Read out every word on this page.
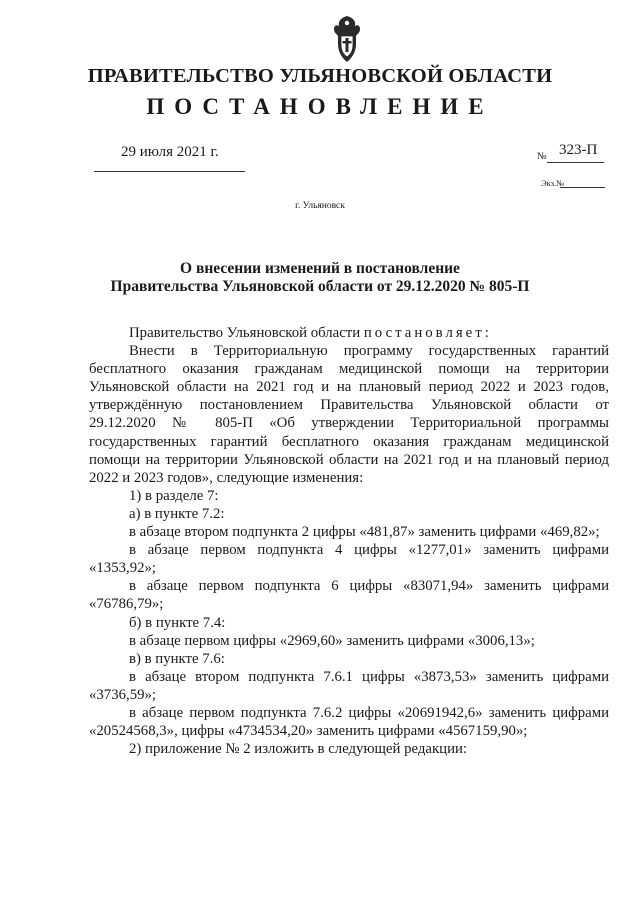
ПРАВИТЕЛЬСТВО УЛЬЯНОВСКОЙ ОБЛАСТИ
ПОСТАНОВЛЕНИЕ
29 июля 2021 г.	№ 323-П
Экз.№
г. Ульяновск
О внесении изменений в постановление
Правительства Ульяновской области от 29.12.2020 № 805-П

Правительство Ульяновской области постановляет:

Внести в Территориальную программу государственных гарантий бесплатного оказания гражданам медицинской помощи на территории Ульяновской области на 2021 год и на плановый период 2022 и 2023 годов, утверждённую постановлением Правительства Ульяновской области от 29.12.2020 № 805-П «Об утверждении Территориальной программы государственных гарантий бесплатного оказания гражданам медицинской помощи на территории Ульяновской области на 2021 год и на плановый период 2022 и 2023 годов», следующие изменения:

1) в разделе 7:

а) в пункте 7.2:

в абзаце втором подпункта 2 цифры «481,87» заменить цифрами «469,82»;

в абзаце первом подпункта 4 цифры «1277,01» заменить цифрами «1353,92»;

в абзаце первом подпункта 6 цифры «83071,94» заменить цифрами «76786,79»;

б) в пункте 7.4:

в абзаце первом цифры «2969,60» заменить цифрами «3006,13»;

в) в пункте 7.6:

в абзаце втором подпункта 7.6.1 цифры «3873,53» заменить цифрами «3736,59»;

в абзаце первом подпункта 7.6.2 цифры «20691942,6» заменить цифрами «20524568,3», цифры «4734534,20» заменить цифрами «4567159,90»;

2) приложение № 2 изложить в следующей редакции:
